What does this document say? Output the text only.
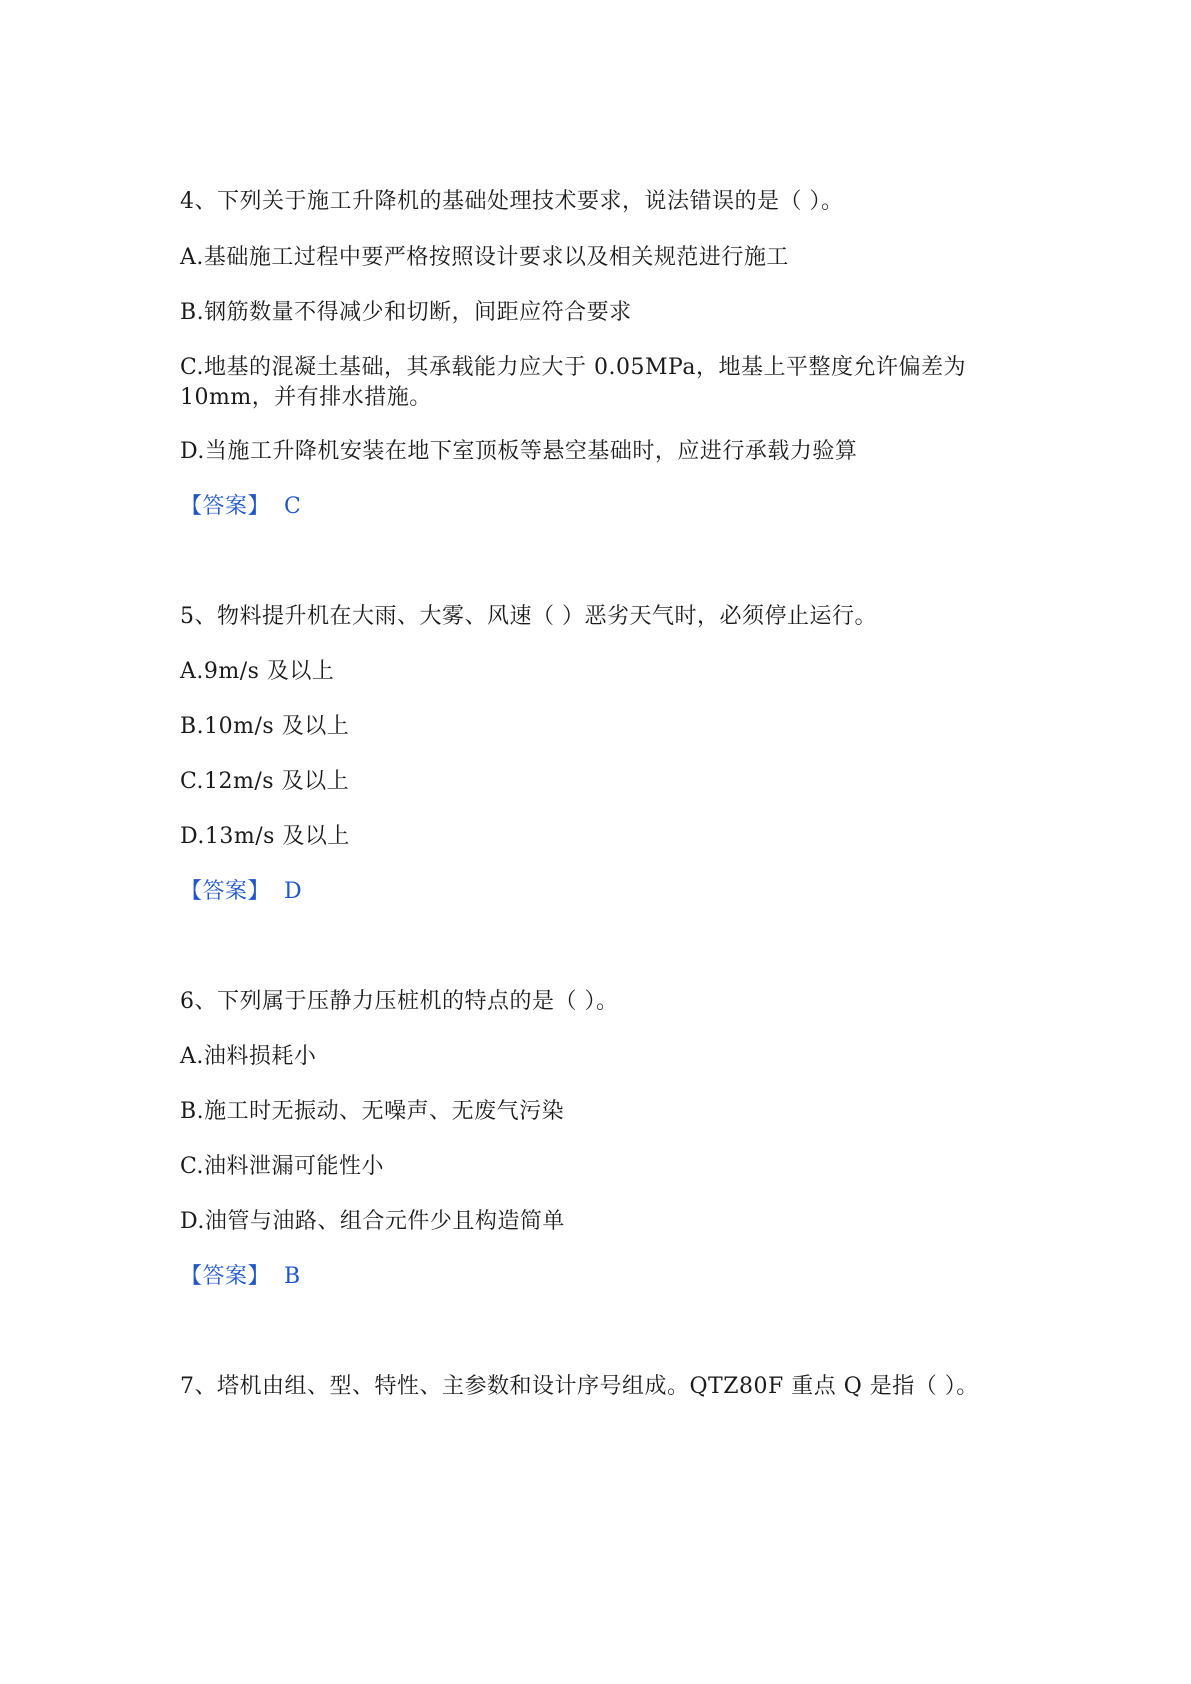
4、下列关于施工升降机的基础处理技术要求，说法错误的是（ ）。
A.基础施工过程中要严格按照设计要求以及相关规范进行施工
B.钢筋数量不得减少和切断，间距应符合要求
C.地基的混凝土基础，其承载能力应大于 0.05MPa，地基上平整度允许偏差为
10mm，并有排水措施。
D.当施工升降机安装在地下室顶板等悬空基础时，应进行承载力验算
【答案】 C
5、物料提升机在大雨、大雾、风速（ ）恶劣天气时，必须停止运行。
A.9m/s 及以上
B.10m/s 及以上
C.12m/s 及以上
D.13m/s 及以上
【答案】 D
6、下列属于压静力压桩机的特点的是（ ）。
A.油料损耗小
B.施工时无振动、无噪声、无废气污染
C.油料泄漏可能性小
D.油管与油路、组合元件少且构造简单
【答案】 B
7、塔机由组、型、特性、主参数和设计序号组成。QTZ80F 重点 Q 是指（ ）。
